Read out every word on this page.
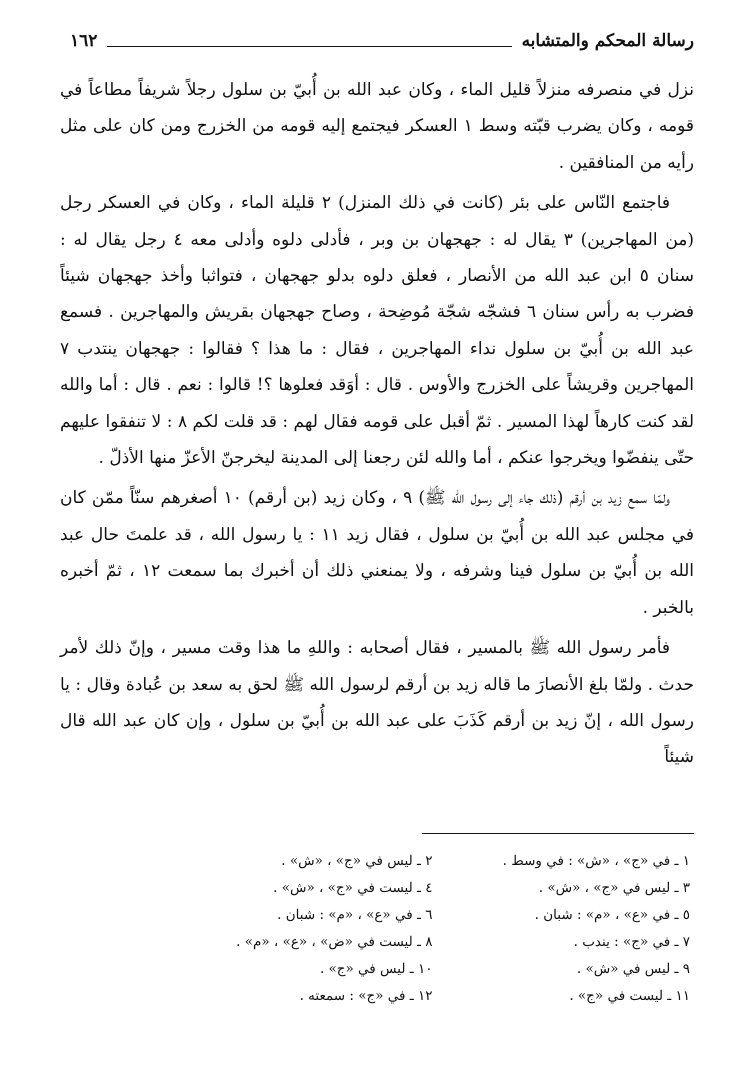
١٦٢	رسالة المحكم والمتشابه

نزل في منصرفه منزلاً قليل الماء ، وكان عبد الله بن أُبيّ بن سلول رجلاً شريفاً مطاعاً في قومه ، وكان يضرب قبّته وسط ١ العسكر فيجتمع إليه قومه من الخزرج ومن كان على مثل رأيه من المنافقين .

فاجتمع النّاس على بئر (كانت في ذلك المنزل) ٢ قليلة الماء ، وكان في العسكر رجل (من المهاجرين) ٣ يقال له : جهجهان بن وبر ، فأدلى دلوه وأدلى معه ٤ رجل يقال له : سنان ٥ ابن عبد الله من الأنصار ، فعلق دلوه بدلو جهجهان ، فتواثبا وأخذ جهجهان شيئاً فضرب به رأس سنان ٦ فشجّه شجّة مُوضِحة ، وصاح جهجهان بقريش والمهاجرين . فسمع عبد الله بن أُبيّ بن سلول نداء المهاجرين ، فقال : ما هذا ؟ فقالوا : جهجهان ينتدب ٧ المهاجرين وقريشاً على الخزرج والأوس . قال : أوَقد فعلوها ؟! قالوا : نعم . قال : أما والله لقد كنت كارهاً لهذا المسير . ثمّ أقبل على قومه فقال لهم : قد قلت لكم ٨ : لا تنفقوا عليهم حتّى ينفضّوا ويخرجوا عنكم ، أما والله لئن رجعنا إلى المدينة ليخرجنّ الأعزّ منها الأذلّ .

ولمّا سمع زيد بن أرقم (ذلك جاء إلى رسول الله ﷺ) ٩ ، وكان زيد (بن أرقم) ١٠ أصغرهم سنّاً ممّن كان في مجلس عبد الله بن أُبيّ بن سلول ، فقال زيد ١١ : يا رسول الله ، قد علمتَ حال عبد الله بن أُبيّ بن سلول فينا وشرفه ، ولا يمنعني ذلك أن أخبرك بما سمعت ١٢ ، ثمّ أخبره بالخبر .

فأمر رسول الله ﷺ بالمسير ، فقال أصحابه : واللهِ ما هذا وقت مسير ، وإنّ ذلك لأمر حدث . ولمّا بلغ الأنصارَ ما قاله زيد بن أرقم لرسول الله ﷺ لحق به سعد بن عُبادة وقال : يا رسول الله ، إنّ زيد بن أرقم كَذَبَ على عبد الله بن أُبيّ بن سلول ، وإن كان عبد الله قال شيئاً

١ ـ في «ج» ، «ش» : في وسط .
٢ ـ ليس في «ج» ، «ش» .
٣ ـ ليس في «ج» ، «ش» .
٤ ـ ليست في «ج» ، «ش» .
٥ ـ في «ع» ، «م» : شبان .
٦ ـ في «ع» ، «م» : شبان .
٧ ـ في «ج» : يندب .
٨ ـ ليست في «ض» ، «ع» ، «م» .
٩ ـ ليس في «ش» .
١٠ ـ ليس في «ج» .
١١ ـ ليست في «ج» .
١٢ ـ في «ج» : سمعته .
